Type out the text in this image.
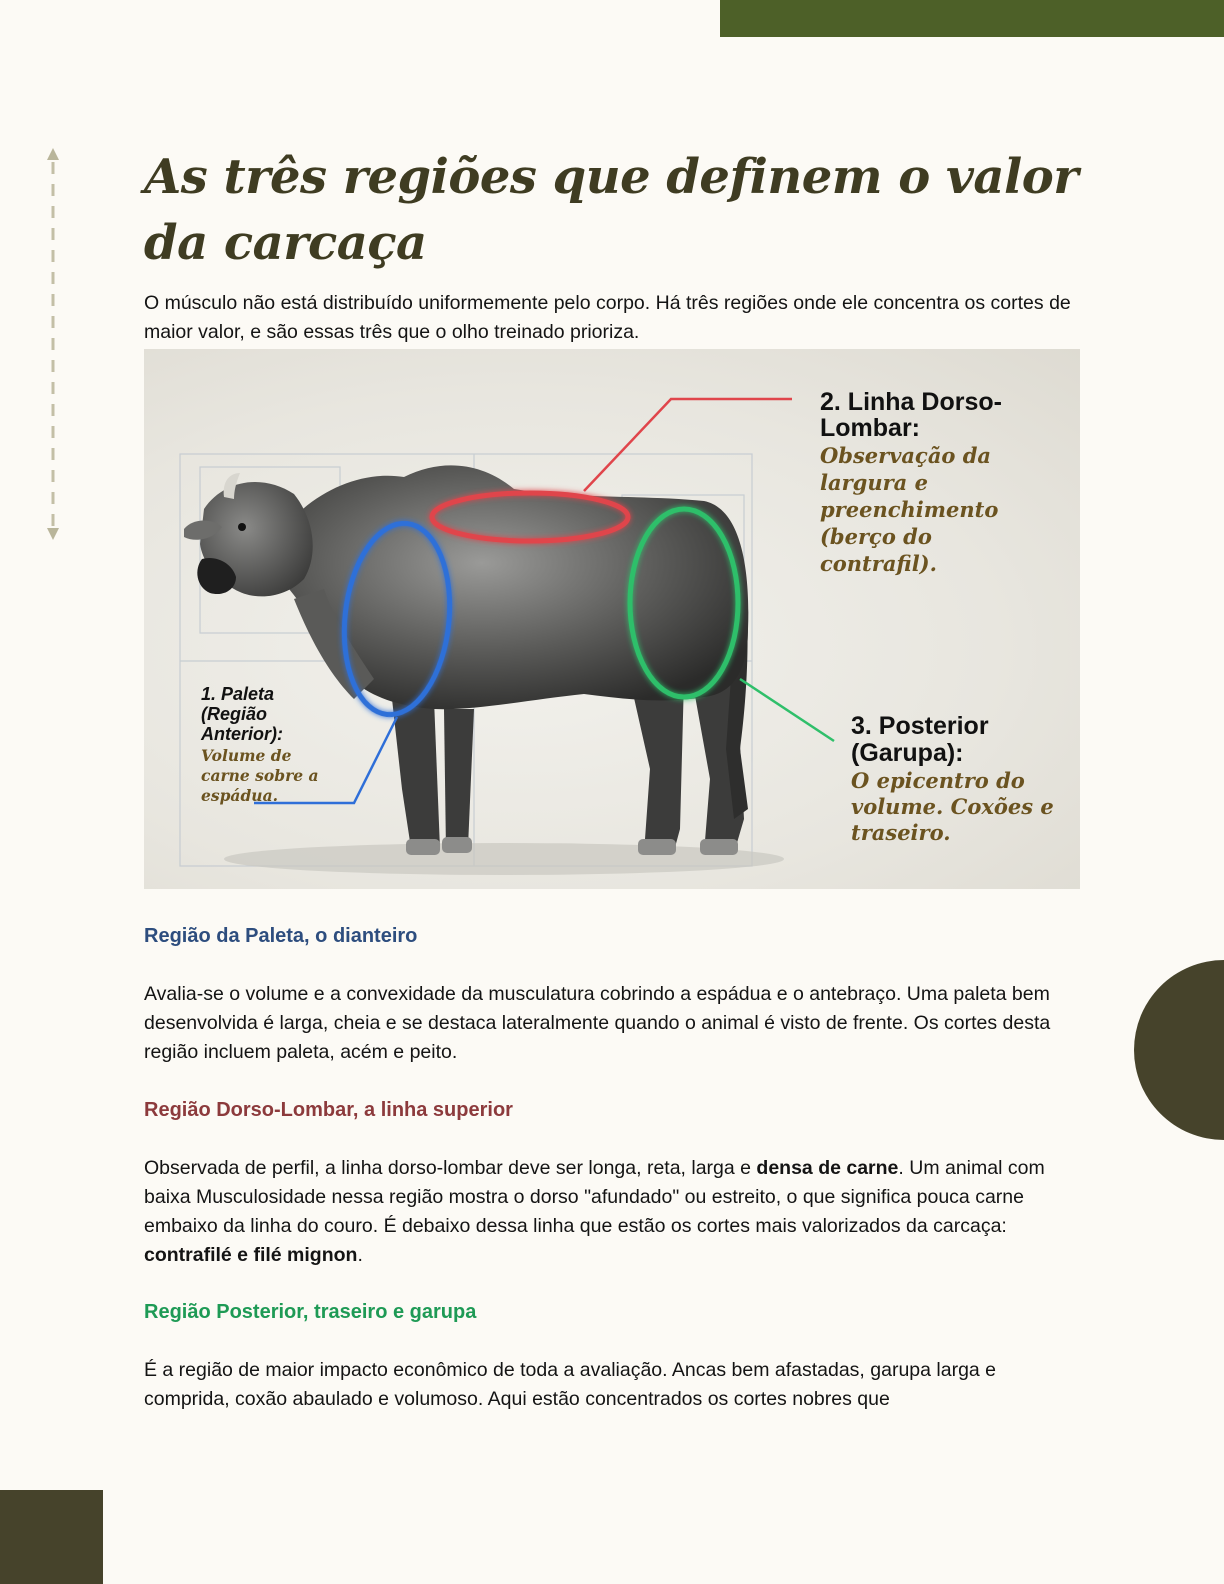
As três regiões que definem o valor da carcaça

O músculo não está distribuído uniformemente pelo corpo. Há três regiões onde ele concentra os cortes de maior valor, e são essas três que o olho treinado prioriza.

1. Paleta (Região Anterior):
Volume de carne sobre a espádua.
2. Linha Dorso-Lombar:
Observação da largura e preenchimento (berço do contrafil).
3. Posterior (Garupa):
O epicentro do volume. Coxões e traseiro.
Região da Paleta, o dianteiro

Avalia-se o volume e a convexidade da musculatura cobrindo a espádua e o antebraço. Uma paleta bem desenvolvida é larga, cheia e se destaca lateralmente quando o animal é visto de frente. Os cortes desta região incluem paleta, acém e peito.

Região Dorso-Lombar, a linha superior

Observada de perfil, a linha dorso-lombar deve ser longa, reta, larga e densa de carne. Um animal com baixa Musculosidade nessa região mostra o dorso "afundado" ou estreito, o que significa pouca carne embaixo da linha do couro. É debaixo dessa linha que estão os cortes mais valorizados da carcaça: contrafilé e filé mignon.

Região Posterior, traseiro e garupa

É a região de maior impacto econômico de toda a avaliação. Ancas bem afastadas, garupa larga e comprida, coxão abaulado e volumoso. Aqui estão concentrados os cortes nobres que
